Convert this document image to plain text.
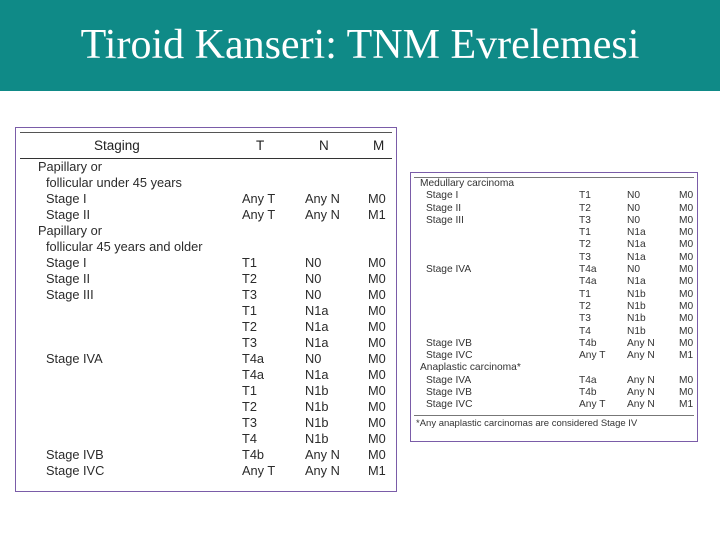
Tiroid Kanseri: TNM Evrelemesi
Staging	T	N	M
Papillary or
follicular under 45 years
Stage I	Any T Any N M0
Stage II	Any T Any N M1
Papillary or
follicular 45 years and older
Stage I	T1	N0	M0
Stage II	T2	N0	M0
Stage III	T3	N0	M0
T1	N1a	M0
T2	N1a	M0
T3	N1a	M0
Stage IVA	T4a	N0	M0
T4a	N1a	M0
T1	N1b	M0
T2	N1b	M0
T3	N1b	M0
T4	N1b	M0
Stage IVB	T4b	Any N M0
Stage IVC	Any T Any N M1
Medullary carcinoma
Stage I	T1	N0	M0
Stage II	T2	N0	M0
Stage III	T3	N0	M0
T1	N1a	M0
T2	N1a	M0
T3	N1a	M0
Stage IVA	T4a	N0	M0
T4a	N1a	M0
T1	N1b	M0
T2	N1b	M0
T3	N1b	M0
T4	N1b	M0
Stage IVB	T4b	Any N M0
Stage IVC	Any T Any N M1
Anaplastic carcinoma*
Stage IVA	T4a	Any N M0
Stage IVB	T4b	Any N M0
Stage IVC	Any T Any N M1
*Any anaplastic carcinomas are considered Stage IV
